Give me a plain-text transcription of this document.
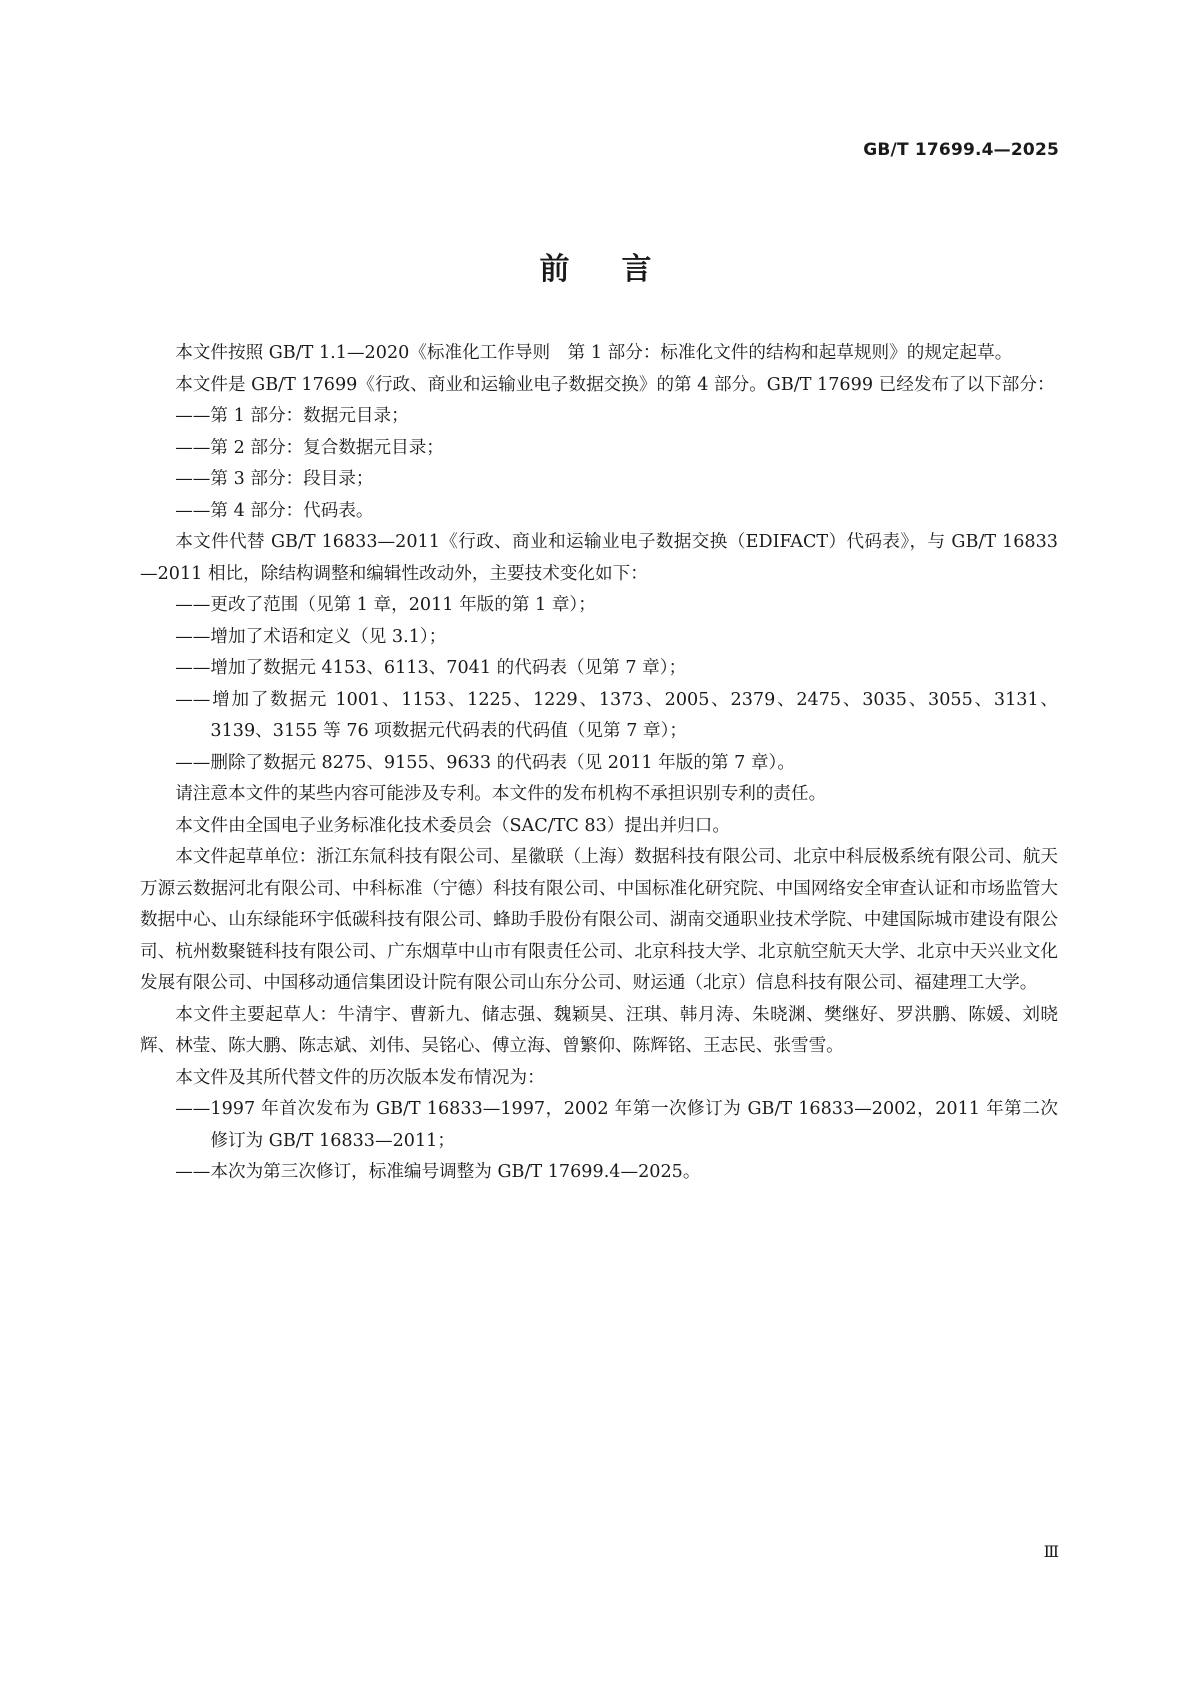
GB/T 17699.4—2025
前言

本文件按照 GB/T 1.1—2020《标准化工作导则　第 1 部分：标准化文件的结构和起草规则》的规定起草。

本文件是 GB/T 17699《行政、商业和运输业电子数据交换》的第 4 部分。GB/T 17699 已经发布了以下部分：

——第 1 部分：数据元目录；

——第 2 部分：复合数据元目录；

——第 3 部分：段目录；

——第 4 部分：代码表。

本文件代替 GB/T 16833—2011《行政、商业和运输业电子数据交换（EDIFACT）代码表》，与 GB/T 16833—2011 相比，除结构调整和编辑性改动外，主要技术变化如下：

——更改了范围（见第 1 章，2011 年版的第 1 章）；

——增加了术语和定义（见 3.1）；

——增加了数据元 4153、6113、7041 的代码表（见第 7 章）；

——增加了数据元 1001、1153、1225、1229、1373、2005、2379、2475、3035、3055、3131、3139、3155 等 76 项数据元代码表的代码值（见第 7 章）；

——删除了数据元 8275、9155、9633 的代码表（见 2011 年版的第 7 章）。

请注意本文件的某些内容可能涉及专利。本文件的发布机构不承担识别专利的责任。

本文件由全国电子业务标准化技术委员会（SAC/TC 83）提出并归口。

本文件起草单位：浙江东氚科技有限公司、星徽联（上海）数据科技有限公司、北京中科辰极系统有限公司、航天万源云数据河北有限公司、中科标准（宁德）科技有限公司、中国标准化研究院、中国网络安全审查认证和市场监管大数据中心、山东绿能环宇低碳科技有限公司、蜂助手股份有限公司、湖南交通职业技术学院、中建国际城市建设有限公司、杭州数聚链科技有限公司、广东烟草中山市有限责任公司、北京科技大学、北京航空航天大学、北京中天兴业文化发展有限公司、中国移动通信集团设计院有限公司山东分公司、财运通（北京）信息科技有限公司、福建理工大学。

本文件主要起草人：牛清宇、曹新九、储志强、魏颖昊、汪琪、韩月涛、朱晓渊、樊继好、罗洪鹏、陈媛、刘晓辉、林莹、陈大鹏、陈志斌、刘伟、吴铭心、傅立海、曾繁仰、陈辉铭、王志民、张雪雪。

本文件及其所代替文件的历次版本发布情况为：

——1997 年首次发布为 GB/T 16833—1997，2002 年第一次修订为 GB/T 16833—2002，2011 年第二次修订为 GB/T 16833—2011；

——本次为第三次修订，标准编号调整为 GB/T 17699.4—2025。

Ⅲ
